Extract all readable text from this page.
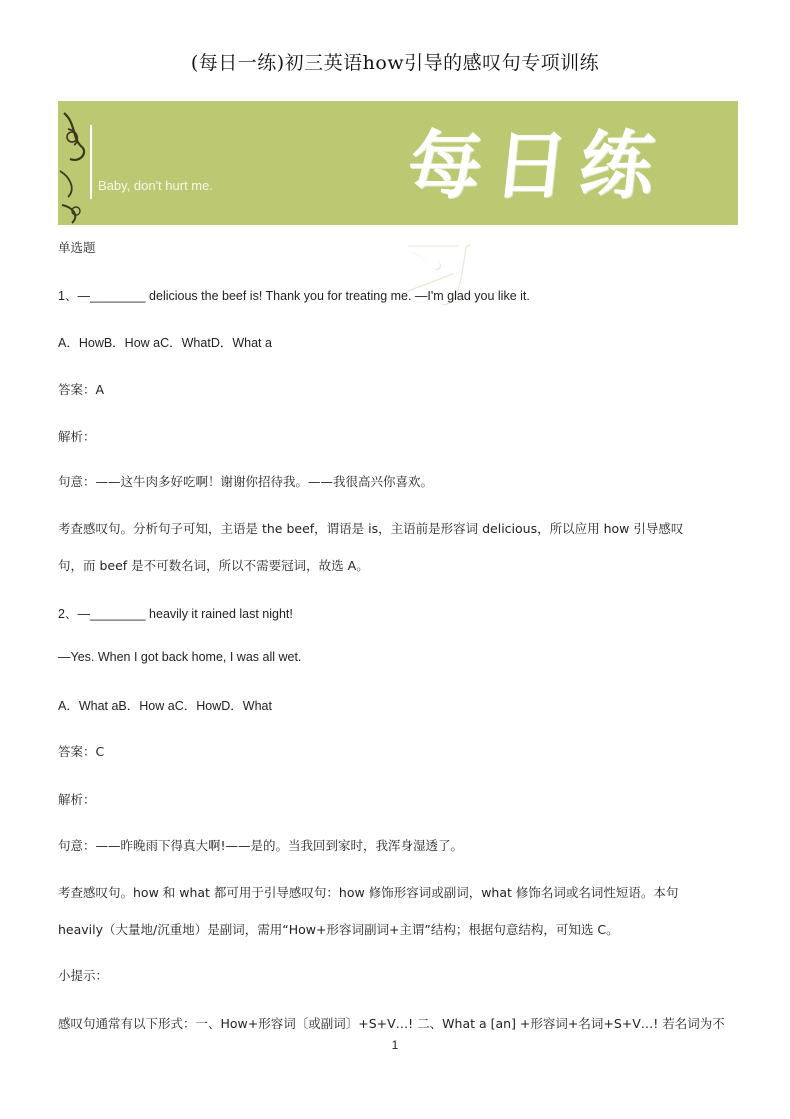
(每日一练)初三英语how引导的感叹句专项训练
Baby, don't hurt me.	每日练习
单选题
1、—________ delicious the beef is! Thank you for treating me. —I'm glad you like it.
A．HowB．How aC．WhatD．What a
答案：A
解析：
句意：——这牛肉多好吃啊！谢谢你招待我。——我很高兴你喜欢。
考查感叹句。分析句子可知，主语是 the beef，谓语是 is，主语前是形容词 delicious，所以应用 how 引导感叹
句，而 beef 是不可数名词，所以不需要冠词，故选 A。
2、—________ heavily it rained last night!
—Yes. When I got back home, I was all wet.
A．What aB．How aC．HowD．What
答案：C
解析：
句意：——昨晚雨下得真大啊!——是的。当我回到家时，我浑身湿透了。
考查感叹句。how 和 what 都可用于引导感叹句：how 修饰形容词或副词，what 修饰名词或名词性短语。本句
heavily（大量地/沉重地）是副词，需用“How+形容词副词+主谓”结构；根据句意结构，可知选 C。
小提示：
感叹句通常有以下形式：一、How+形容词〔或副词〕+S+V…! 二、What a [an] +形容词+名词+S+V…! 若名词为不
1
